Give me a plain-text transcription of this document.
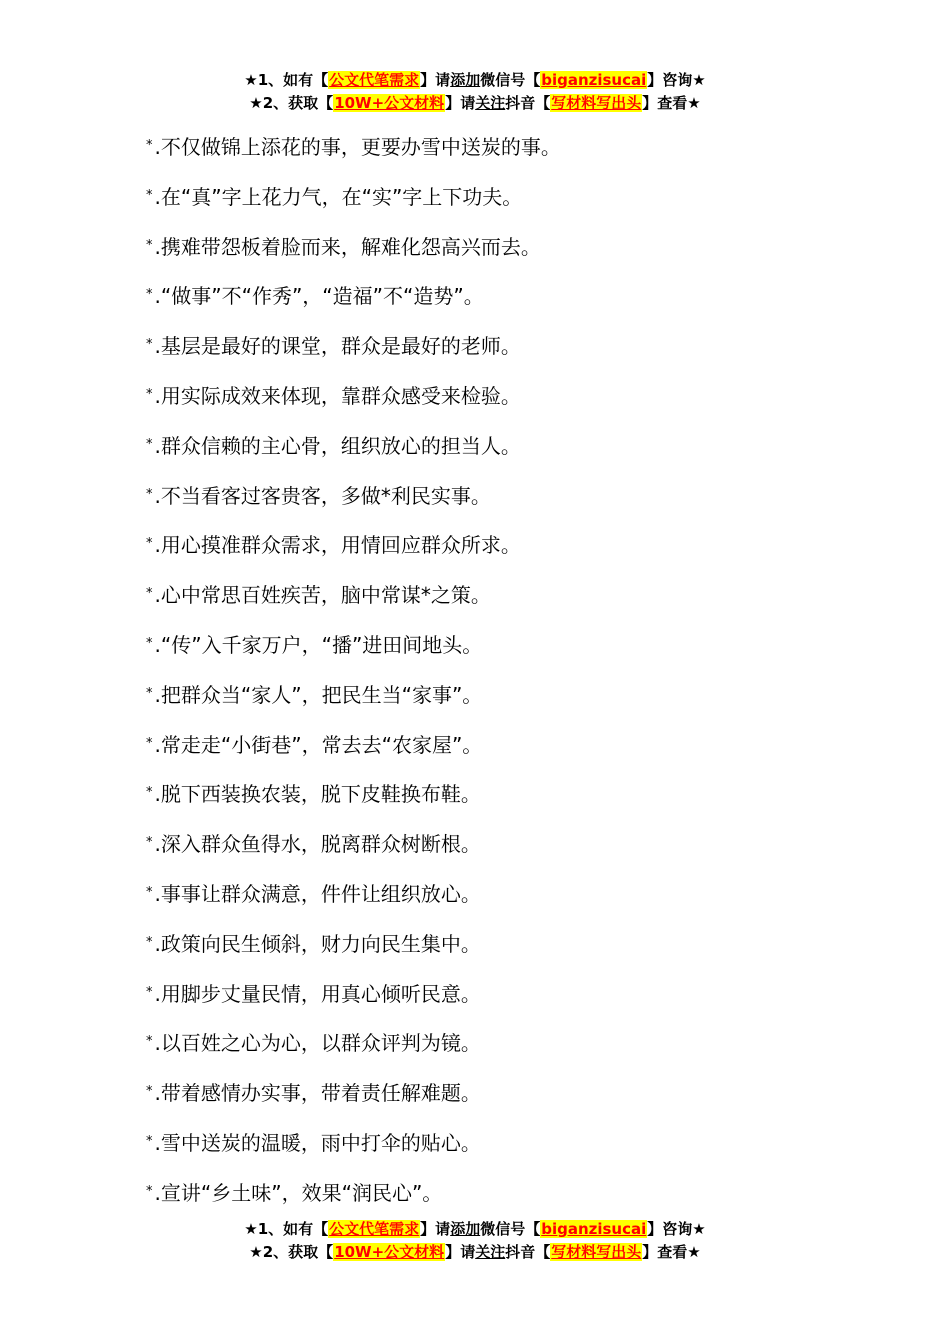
★1、如有【公文代笔需求】请添加微信号【biganzisucai】咨询★
★2、获取【10W+公文材料】请关注抖音【写材料写出头】查看★
* .不仅做锦上添花的事，更要办雪中送炭的事。
* .在“真”字上花力气，在“实”字上下功夫。
* .携难带怨板着脸而来，解难化怨高兴而去。
* .“做事”不“作秀”，“造福”不“造势”。
* .基层是最好的课堂，群众是最好的老师。
* .用实际成效来体现，靠群众感受来检验。
* .群众信赖的主心骨，组织放心的担当人。
* .不当看客过客贵客，多做*利民实事。
* .用心摸准群众需求，用情回应群众所求。
* .心中常思百姓疾苦，脑中常谋*之策。
* .“传”入千家万户，“播”进田间地头。
* .把群众当“家人”，把民生当“家事”。
* .常走走“小街巷”，常去去“农家屋”。
* .脱下西装换农装，脱下皮鞋换布鞋。
* .深入群众鱼得水，脱离群众树断根。
* .事事让群众满意，件件让组织放心。
* .政策向民生倾斜，财力向民生集中。
* .用脚步丈量民情，用真心倾听民意。
* .以百姓之心为心，以群众评判为镜。
* .带着感情办实事，带着责任解难题。
* .雪中送炭的温暖，雨中打伞的贴心。
* .宣讲“乡土味”，效果“润民心”。
★1、如有【公文代笔需求】请添加微信号【biganzisucai】咨询★
★2、获取【10W+公文材料】请关注抖音【写材料写出头】查看★
